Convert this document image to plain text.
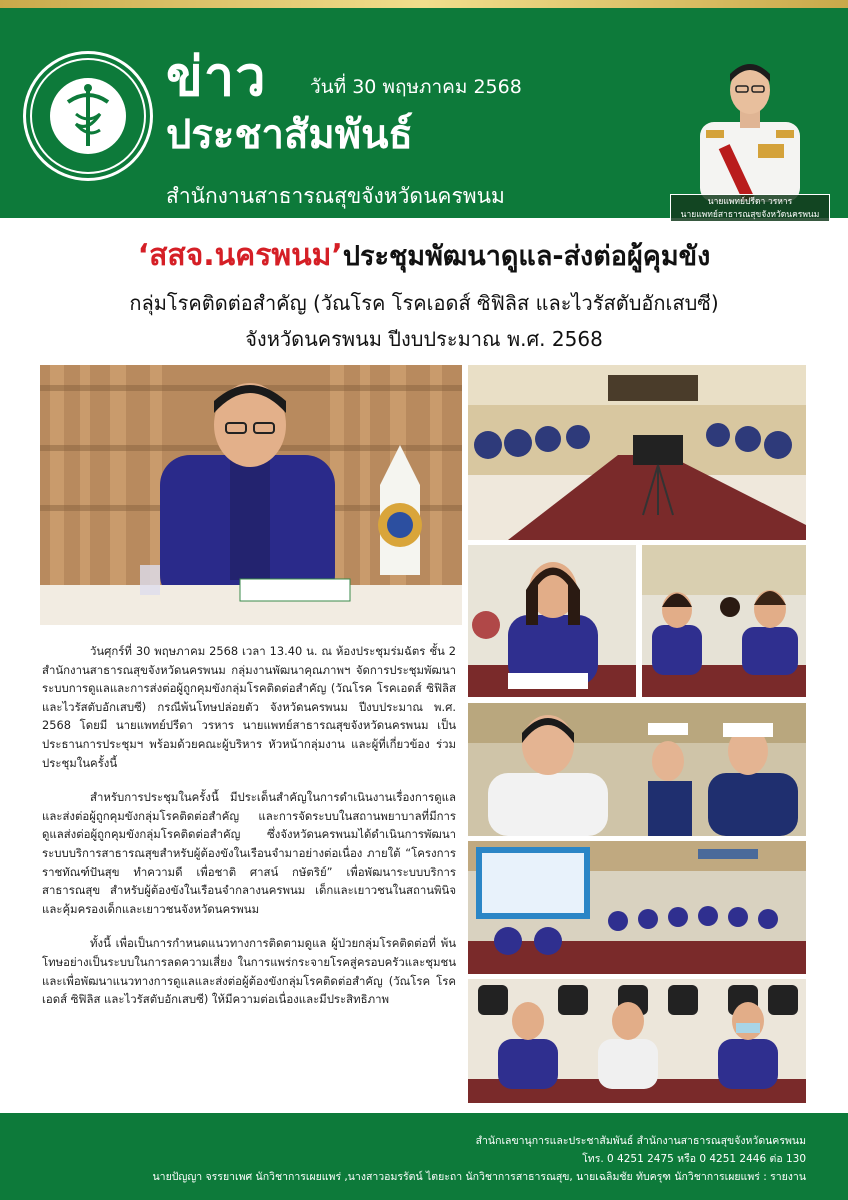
ข่าว วันที่ 30 พฤษภาคม 2568
ประชาสัมพันธ์
สำนักงานสาธารณสุขจังหวัดนครพนม	นายแพทย์ปรีดา วรหาร
นายแพทย์สาธารณสุขจังหวัดนครพนม
‘สสจ.นครพนม’ประชุมพัฒนาดูแล-ส่งต่อผู้คุมขัง
กลุ่มโรคติดต่อสำคัญ (วัณโรค โรคเอดส์ ซิฟิลิส และไวรัสตับอักเสบซี)
จังหวัดนครพนม ปีงบประมาณ พ.ศ. 2568

วันศุกร์ที่ 30 พฤษภาคม 2568 เวลา 13.40 น. ณ ห้องประชุมร่มฉัตร ชั้น 2 สำนักงานสาธารณสุขจังหวัดนครพนม กลุ่มงานพัฒนาคุณภาพฯ จัดการประชุมพัฒนาระบบการดูแลและการส่งต่อผู้ถูกคุมขังกลุ่มโรคติดต่อสำคัญ (วัณโรค โรคเอดส์ ซิฟิลิส และไวรัสตับอักเสบซี) กรณีพ้นโทษปล่อยตัว จังหวัดนครพนม ปีงบประมาณ พ.ศ. 2568 โดยมี นายแพทย์ปรีดา วรหาร นายแพทย์สาธารณสุขจังหวัดนครพนม เป็นประธานการประชุมฯ พร้อมด้วยคณะผู้บริหาร หัวหน้ากลุ่มงาน และผู้ที่เกี่ยวข้อง ร่วมประชุมในครั้งนี้

สำหรับการประชุมในครั้งนี้ มีประเด็นสำคัญในการดำเนินงานเรื่องการดูแลและส่งต่อผู้ถูกคุมขังกลุ่มโรคติดต่อสำคัญ และการจัดระบบในสถานพยาบาลที่มีการดูแลส่งต่อผู้ถูกคุมขังกลุ่มโรคติดต่อสำคัญ ซึ่งจังหวัดนครพนมได้ดำเนินการพัฒนาระบบบริการสาธารณสุขสำหรับผู้ต้องขังในเรือนจำมาอย่างต่อเนื่อง ภายใต้ “โครงการ ราชทัณฑ์ปันสุข ทำความดี เพื่อชาติ ศาสน์ กษัตริย์” เพื่อพัฒนาระบบบริการสาธารณสุข สำหรับผู้ต้องขังในเรือนจำกลางนครพนม เด็กและเยาวชนในสถานพินิจและคุ้มครองเด็กและเยาวชนจังหวัดนครพนม

ทั้งนี้ เพื่อเป็นการกำหนดแนวทางการติดตามดูแล ผู้ป่วยกลุ่มโรคติดต่อที่ พ้นโทษอย่างเป็นระบบในการลดความเสี่ยง ในการแพร่กระจายโรคสู่ครอบครัวและชุมชน และเพื่อพัฒนาแนวทางการดูแลและส่งต่อผู้ต้องขังกลุ่มโรคติดต่อสำคัญ (วัณโรค โรคเอดส์ ซิฟิลิส และไวรัสตับอักเสบซี) ให้มีความต่อเนื่องและมีประสิทธิภาพ

สำนักเลขานุการและประชาสัมพันธ์ สำนักงานสาธารณสุขจังหวัดนครพนม
โทร. 0 4251 2475 หรือ 0 4251 2446 ต่อ 130
นายปัญญา จรรยาเพศ นักวิชาการเผยแพร่ ,นางสาวอมรรัตน์ ไตยะถา นักวิชาการสาธารณสุข, นายเฉลิมชัย ทับครุฑ นักวิชาการเผยแพร่ : รายงาน
